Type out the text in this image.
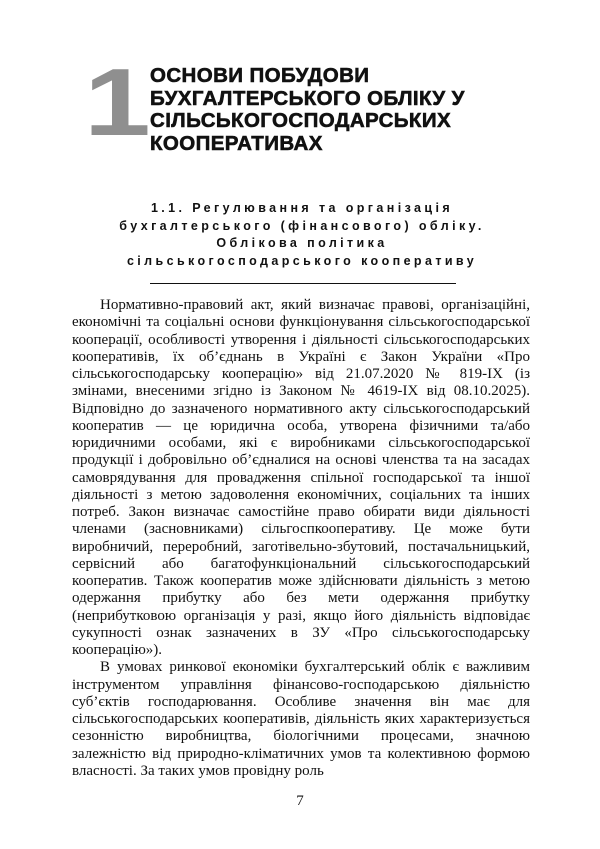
1 ОСНОВИ ПОБУДОВИ БУХГАЛТЕРСЬКОГО ОБЛІКУ У СІЛЬСЬКОГОСПОДАРСЬКИХ КООПЕРАТИВАХ
1.1. Регулювання та організація бухгалтерського (фінансового) обліку. Облікова політика сільськогосподарського кооперативу

Нормативно-правовий акт, який визначає правові, організаційні, економічні та соціальні основи функціонування сільськогосподарської кооперації, особливості утворення і діяльності сільськогосподарських кооперативів, їх об’єднань в Україні є Закон України «Про сільськогосподарську кооперацію» від 21.07.2020 № 819-IX (із змінами, внесеними згідно із Законом № 4619-IX від 08.10.2025). Відповідно до зазначеного нормативного акту сільськогосподарський кооператив — це юридична особа, утворена фізичними та/або юридичними особами, які є виробниками сільськогосподарської продукції і добровільно об’єдналися на основі членства та на засадах самоврядування для провадження спільної господарської та іншої діяльності з метою задоволення економічних, соціальних та інших потреб. Закон визначає самостійне право обирати види діяльності членами (засновниками) сільгоспкооперативу. Це може бути виробничий, переробний, заготівельно-збутовий, постачальницький, сервісний або багатофункціональний сільськогосподарський кооператив. Також кооператив може здійснювати діяльність з метою одержання прибутку або без мети одержання прибутку (неприбутковою організація у разі, якщо його діяльність відповідає сукупності ознак зазначених в ЗУ «Про сільськогосподарську кооперацію»).

В умовах ринкової економіки бухгалтерський облік є важливим інструментом управління фінансово-господарською діяльністю суб’єктів господарювання. Особливе значення він має для сільськогосподарських кооперативів, діяльність яких характеризується сезонністю виробництва, біологічними процесами, значною залежністю від природно-кліматичних умов та колективною формою власності. За таких умов провідну роль

7
